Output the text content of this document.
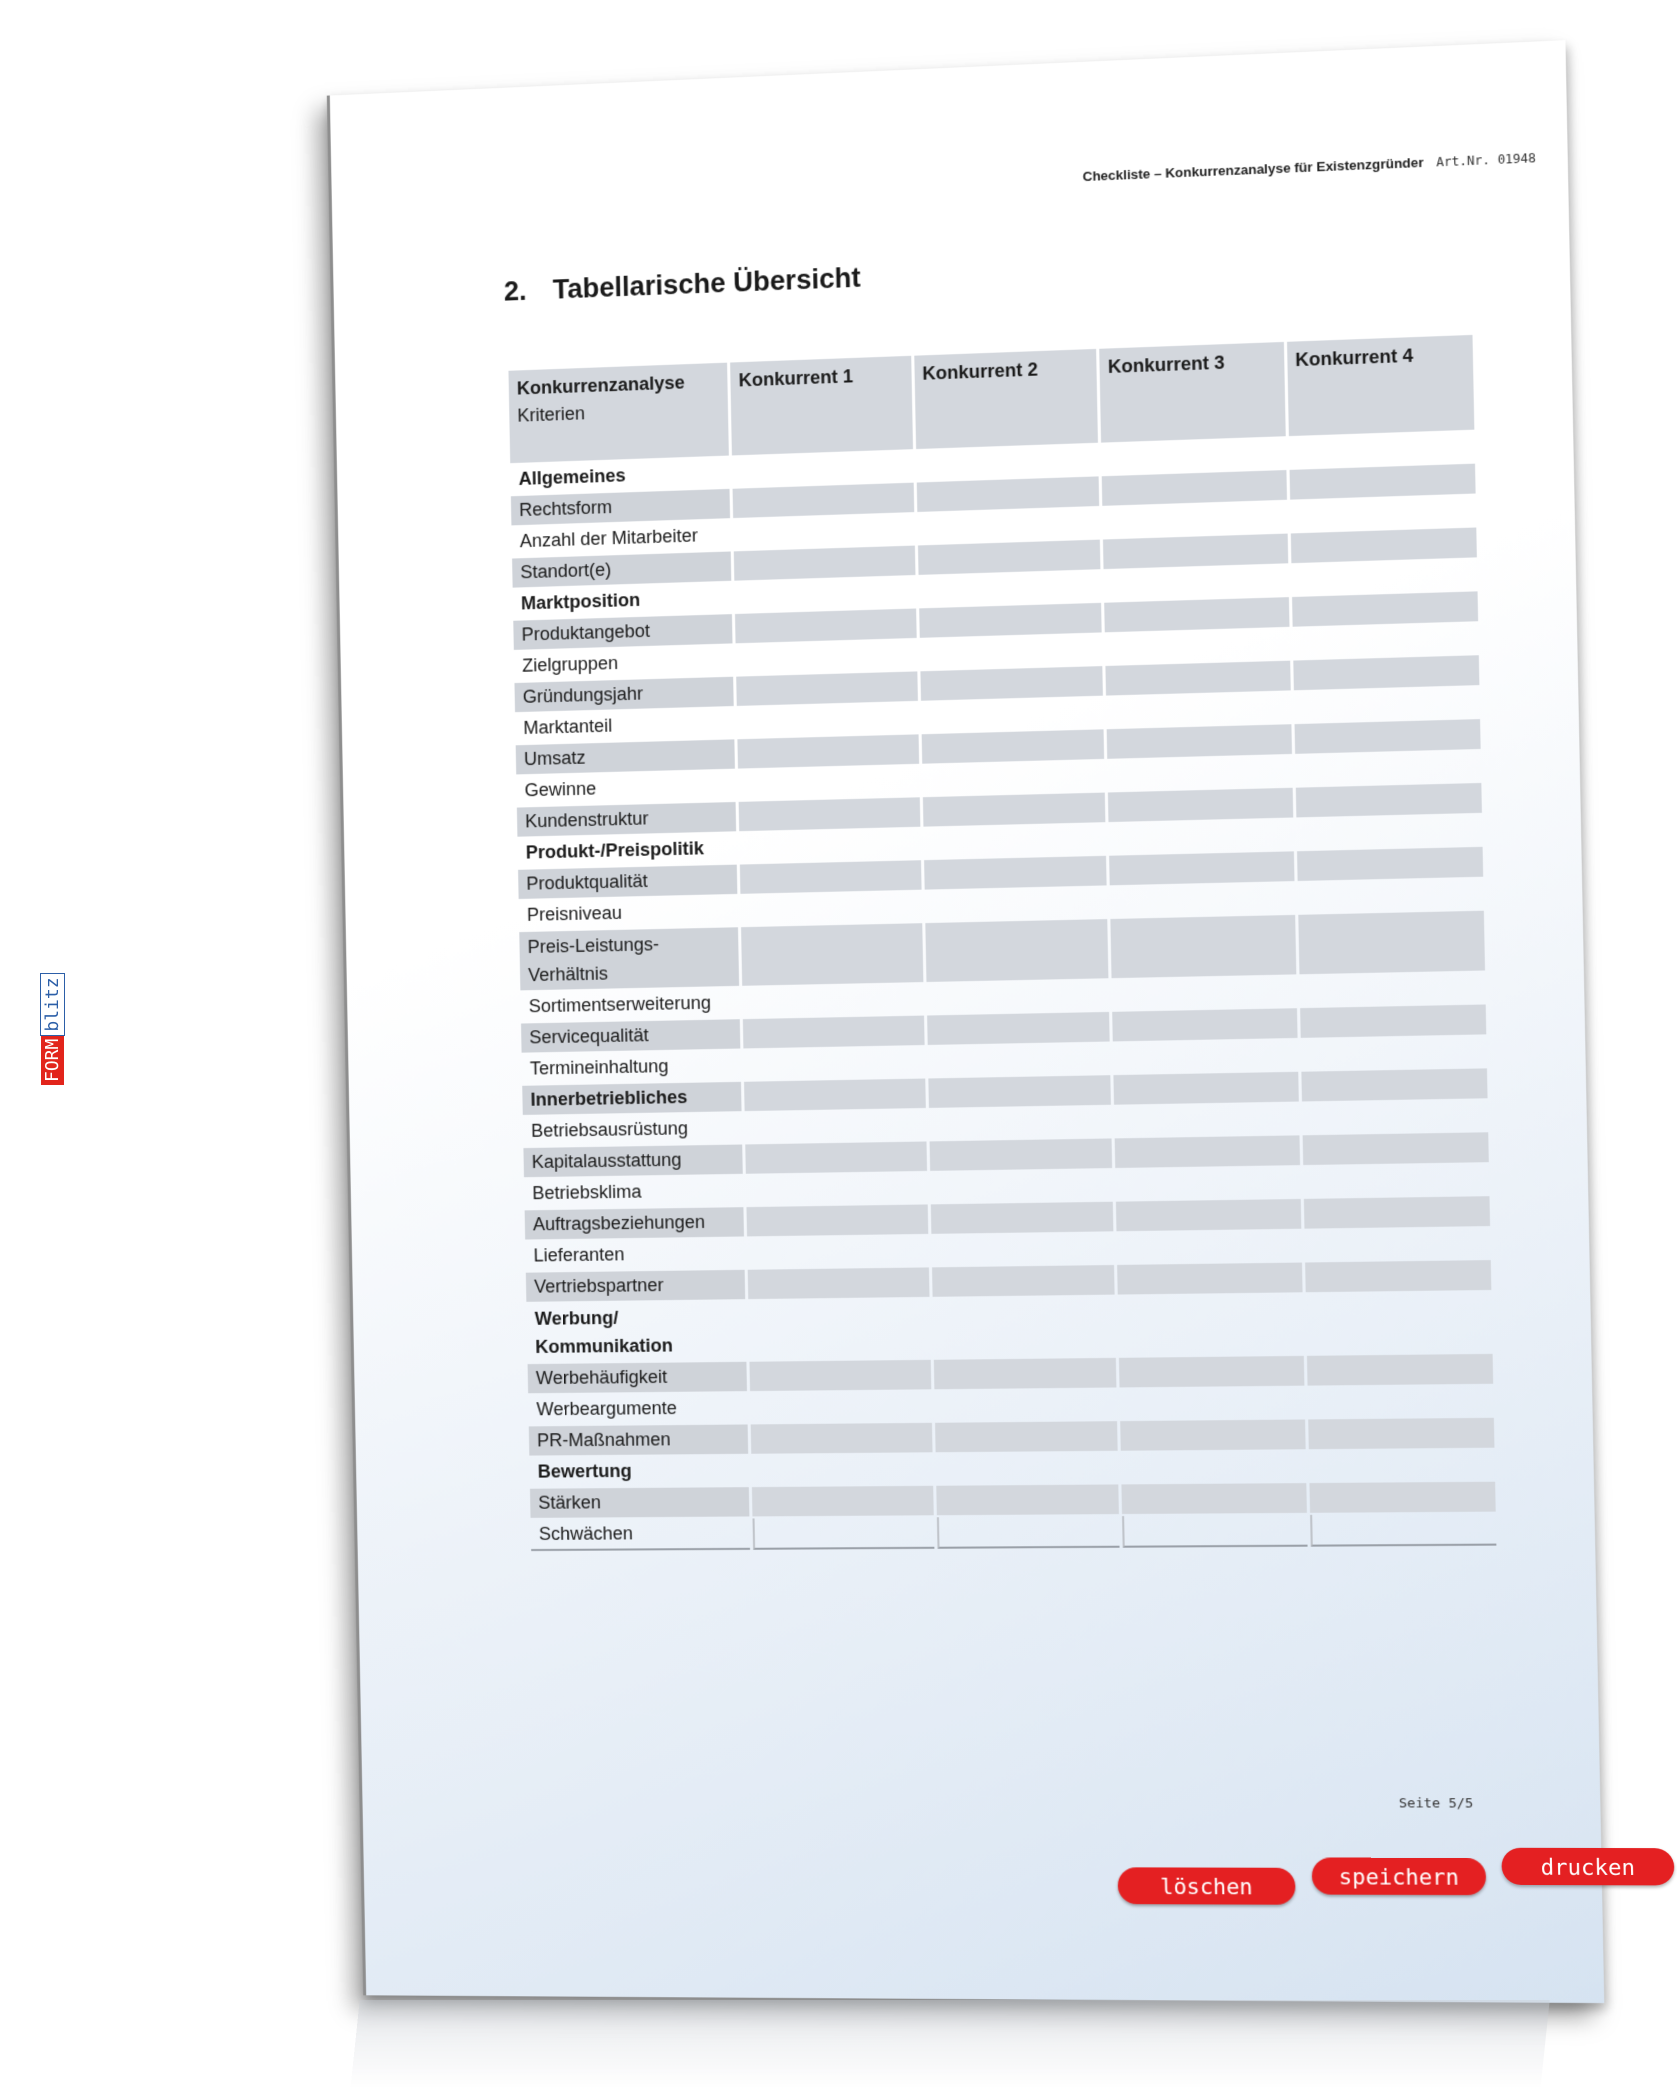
Checkliste – Konkurrenzanalyse für Existenzgründer Art.Nr. 01948
2. Tabellarische Übersicht
Konkurrenzanalyse
Kriterien	Konkurrent 1	Konkurrent 2	Konkurrent 3	Konkurrent 4
Allgemeines				
Rechtsform				
Anzahl der Mitarbeiter				
Standort(e)				
Marktposition				
Produktangebot				
Zielgruppen				
Gründungsjahr				
Marktanteil				
Umsatz				
Gewinne				
Kundenstruktur				
Produkt-/Preispolitik				
Produktqualität				
Preisniveau				
Preis-Leistungs-Verhältnis				
Sortimentserweiterung				
Servicequalität				
Termineinhaltung				
Innerbetriebliches				
Betriebsausrüstung				
Kapitalausstattung				
Betriebsklima				
Auftragsbeziehungen				
Lieferanten				
Vertriebspartner				
Werbung/ Kommunikation				
Werbehäufigkeit				
Werbeargumente				
PR-Maßnahmen				
Bewertung				
Stärken				
Schwächen				
Seite 5/5
löschen	speichern	drucken
FORMblitz
